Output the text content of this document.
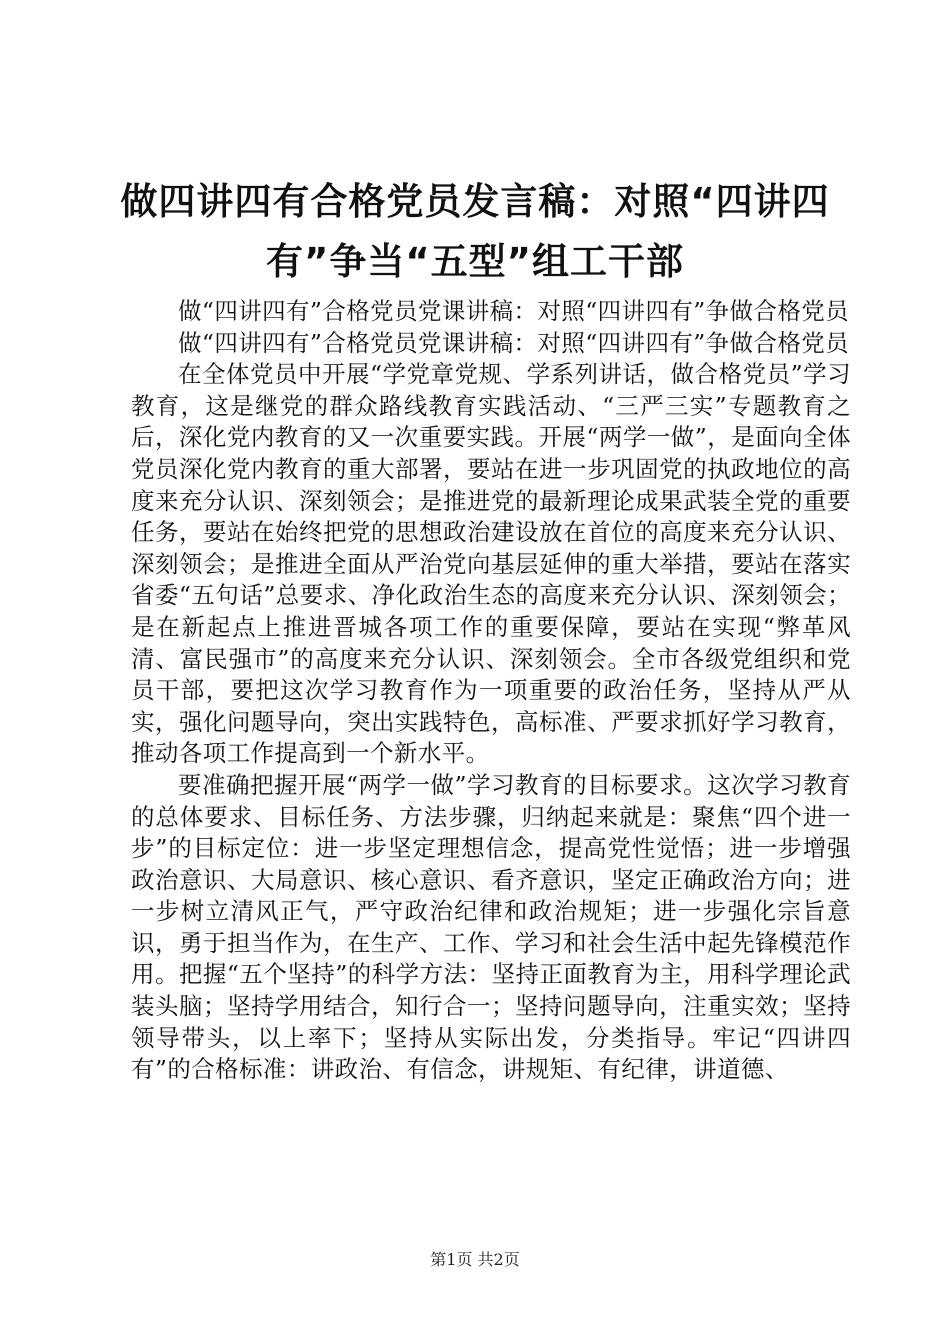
做四讲四有合格党员发言稿：对照“四讲四
有”争当“五型”组工干部

做“四讲四有”合格党员党课讲稿：对照“四讲四有”争做合格党员

做“四讲四有”合格党员党课讲稿：对照“四讲四有”争做合格党员

在全体党员中开展“学党章党规、学系列讲话，做合格党员”学习教育，这是继党的群众路线教育实践活动、“三严三实”专题教育之后，深化党内教育的又一次重要实践。开展“两学一做”，是面向全体党员深化党内教育的重大部署，要站在进一步巩固党的执政地位的高度来充分认识、深刻领会；是推进党的最新理论成果武装全党的重要任务，要站在始终把党的思想政治建设放在首位的高度来充分认识、深刻领会；是推进全面从严治党向基层延伸的重大举措，要站在落实省委“五句话”总要求、净化政治生态的高度来充分认识、深刻领会；是在新起点上推进晋城各项工作的重要保障，要站在实现“弊革风清、富民强市”的高度来充分认识、深刻领会。全市各级党组织和党员干部，要把这次学习教育作为一项重要的政治任务，坚持从严从实，强化问题导向，突出实践特色，高标准、严要求抓好学习教育，推动各项工作提高到一个新水平。

要准确把握开展“两学一做”学习教育的目标要求。这次学习教育的总体要求、目标任务、方法步骤，归纳起来就是：聚焦“四个进一步”的目标定位：进一步坚定理想信念，提高党性觉悟；进一步增强政治意识、大局意识、核心意识、看齐意识，坚定正确政治方向；进一步树立清风正气，严守政治纪律和政治规矩；进一步强化宗旨意识，勇于担当作为，在生产、工作、学习和社会生活中起先锋模范作用。把握“五个坚持”的科学方法：坚持正面教育为主，用科学理论武装头脑；坚持学用结合，知行合一；坚持问题导向，注重实效；坚持领导带头，以上率下；坚持从实际出发，分类指导。牢记“四讲四有”的合格标准：讲政治、有信念，讲规矩、有纪律，讲道德、

第1页 共2页
